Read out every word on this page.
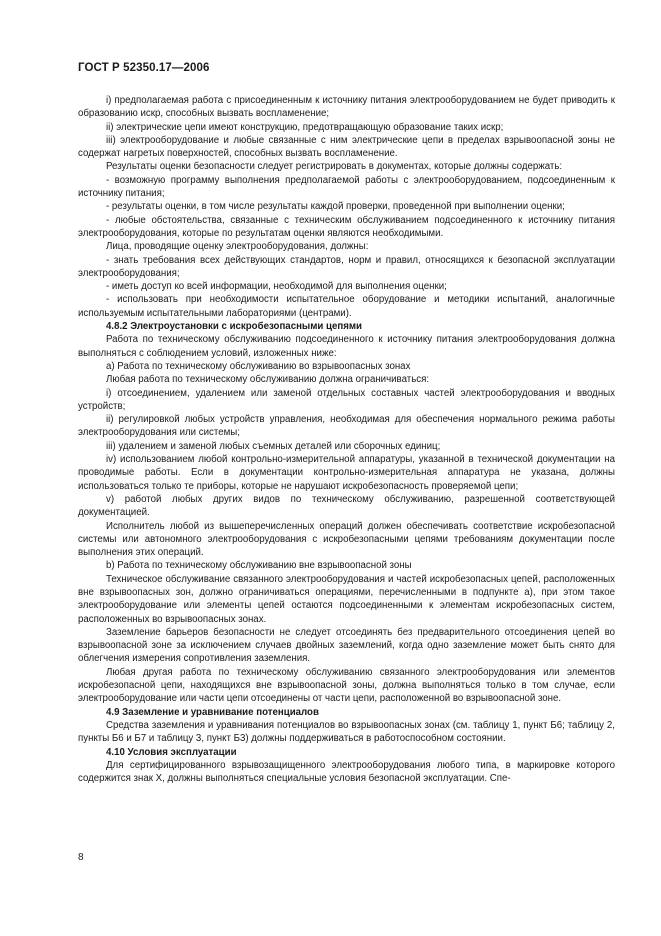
ГОСТ Р 52350.17—2006

i) предполагаемая работа с присоединенным к источнику питания электрооборудованием не будет приводить к образованию искр, способных вызвать воспламенение;

ii) электрические цепи имеют конструкцию, предотвращающую образование таких искр;

iii) электрооборудование и любые связанные с ним электрические цепи в пределах взрывоопасной зоны не содержат нагретых поверхностей, способных вызвать воспламенение.

Результаты оценки безопасности следует регистрировать в документах, которые должны содержать:

- возможную программу выполнения предполагаемой работы с электрооборудованием, подсоединенным к источнику питания;

- результаты оценки, в том числе результаты каждой проверки, проведенной при выполнении оценки;

- любые обстоятельства, связанные с техническим обслуживанием подсоединенного к источнику питания электрооборудования, которые по результатам оценки являются необходимыми.

Лица, проводящие оценку электрооборудования, должны:

- знать требования всех действующих стандартов, норм и правил, относящихся к безопасной эксплуатации электрооборудования;

- иметь доступ ко всей информации, необходимой для выполнения оценки;

- использовать при необходимости испытательное оборудование и методики испытаний, аналогичные используемым испытательными лабораториями (центрами).

4.8.2 Электроустановки с искробезопасными цепями

Работа по техническому обслуживанию подсоединенного к источнику питания электрооборудования должна выполняться с соблюдением условий, изложенных ниже:

a) Работа по техническому обслуживанию во взрывоопасных зонах

Любая работа по техническому обслуживанию должна ограничиваться:

i) отсоединением, удалением или заменой отдельных составных частей электрооборудования и вводных устройств;

ii) регулировкой любых устройств управления, необходимая для обеспечения нормального режима работы электрооборудования или системы;

iii) удалением и заменой любых съемных деталей или сборочных единиц;

iv) использованием любой контрольно-измерительной аппаратуры, указанной в технической документации на проводимые работы. Если в документации контрольно-измерительная аппаратура не указана, должны использоваться только те приборы, которые не нарушают искробезопасность проверяемой цепи;

v) работой любых других видов по техническому обслуживанию, разрешенной соответствующей документацией.

Исполнитель любой из вышеперечисленных операций должен обеспечивать соответствие искробезопасной системы или автономного электрооборудования с искробезопасными цепями требованиям документации после выполнения этих операций.

b) Работа по техническому обслуживанию вне взрывоопасной зоны

Техническое обслуживание связанного электрооборудования и частей искробезопасных цепей, расположенных вне взрывоопасных зон, должно ограничиваться операциями, перечисленными в подпункте а), при этом такое электрооборудование или элементы цепей остаются подсоединенными к элементам искробезопасных систем, расположенных во взрывоопасных зонах.

Заземление барьеров безопасности не следует отсоединять без предварительного отсоединения цепей во взрывоопасной зоне за исключением случаев двойных заземлений, когда одно заземление может быть снято для облегчения измерения сопротивления заземления.

Любая другая работа по техническому обслуживанию связанного электрооборудования или элементов искробезопасной цепи, находящихся вне взрывоопасной зоны, должна выполняться только в том случае, если электрооборудование или части цепи отсоединены от части цепи, расположенной во взрывоопасной зоне.

4.9 Заземление и уравнивание потенциалов

Средства заземления и уравнивания потенциалов во взрывоопасных зонах (см. таблицу 1, пункт Б6; таблицу 2, пункты Б6 и Б7 и таблицу 3, пункт Б3) должны поддерживаться в работоспособном состоянии.

4.10 Условия эксплуатации

Для сертифицированного взрывозащищенного электрооборудования любого типа, в маркировке которого содержится знак X, должны выполняться специальные условия безопасной эксплуатации. Спе-

8
